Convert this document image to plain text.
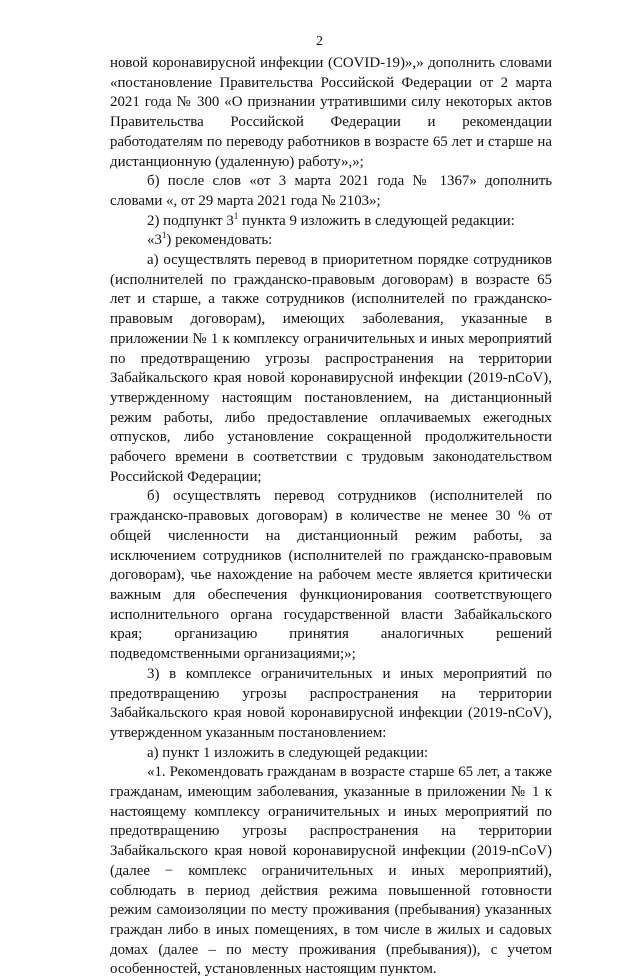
2

новой коронавирусной инфекции (COVID-19)»,» дополнить словами «постановление Правительства Российской Федерации от 2 марта 2021 года № 300 «О признании утратившими силу некоторых актов Правительства Российской Федерации и рекомендации работодателям по переводу работников в возрасте 65 лет и старше на дистанционную (удаленную) работу»,»;

б) после слов «от 3 марта 2021 года № 1367» дополнить словами «, от 29 марта 2021 года № 2103»;

2) подпункт $3^1$ пункта 9 изложить в следующей редакции:

«$3^1$) рекомендовать:

а) осуществлять перевод в приоритетном порядке сотрудников (исполнителей по гражданско-правовым договорам) в возрасте 65 лет и старше, а также сотрудников (исполнителей по гражданско-правовым договорам), имеющих заболевания, указанные в приложении № 1 к комплексу ограничительных и иных мероприятий по предотвращению угрозы распространения на территории Забайкальского края новой коронавирусной инфекции (2019-nCoV), утвержденному настоящим постановлением, на дистанционный режим работы, либо предоставление оплачиваемых ежегодных отпусков, либо установление сокращенной продолжительности рабочего времени в соответствии с трудовым законодательством Российской Федерации;

б) осуществлять перевод сотрудников (исполнителей по гражданско-правовых договорам) в количестве не менее 30 % от общей численности на дистанционный режим работы, за исключением сотрудников (исполнителей по гражданско-правовым договорам), чье нахождение на рабочем месте является критически важным для обеспечения функционирования соответствующего исполнительного органа государственной власти Забайкальского края; организацию принятия аналогичных решений подведомственными организациями;»;

3) в комплексе ограничительных и иных мероприятий по предотвращению угрозы распространения на территории Забайкальского края новой коронавирусной инфекции (2019-nCoV), утвержденном указанным постановлением:

а) пункт 1 изложить в следующей редакции:

«1. Рекомендовать гражданам в возрасте старше 65 лет, а также гражданам, имеющим заболевания, указанные в приложении № 1 к настоящему комплексу ограничительных и иных мероприятий по предотвращению угрозы распространения на территории Забайкальского края новой коронавирусной инфекции (2019-nCoV) (далее − комплекс ограничительных и иных мероприятий), соблюдать в период действия режима повышенной готовности режим самоизоляции по месту проживания (пребывания) указанных граждан либо в иных помещениях, в том числе в жилых и садовых домах (далее – по месту проживания (пребывания)), с учетом особенностей, установленных настоящим пунктом.
